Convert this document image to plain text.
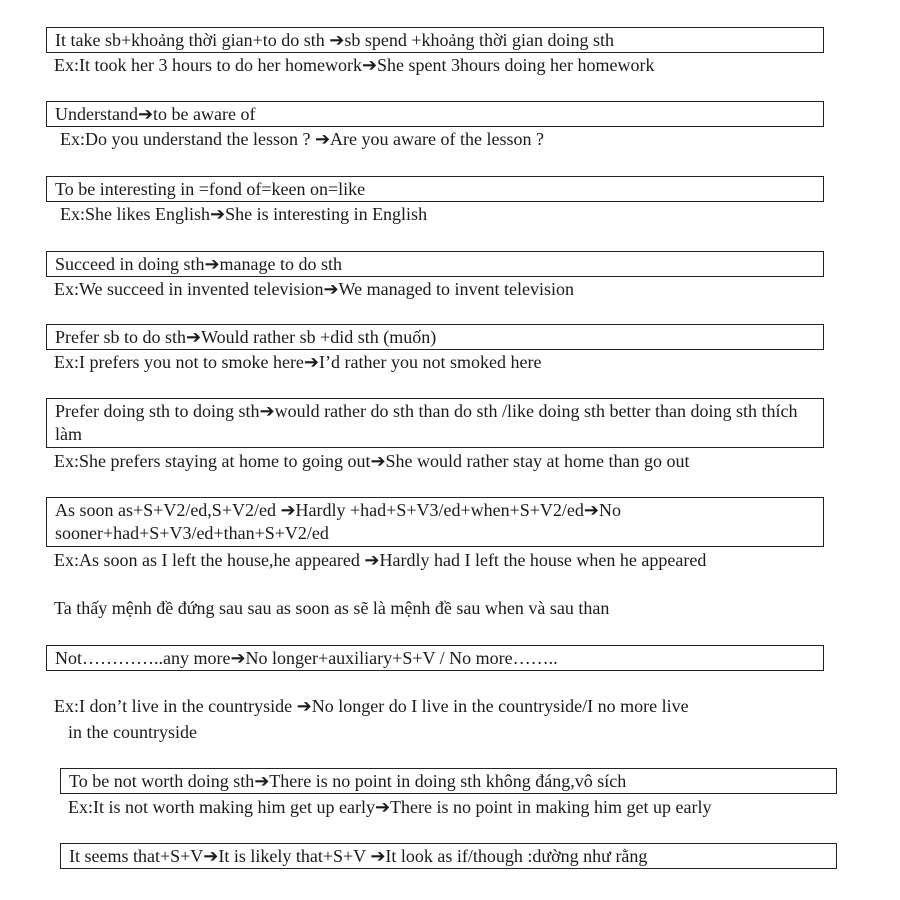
It take sb+khoảng thời gian+to do sth ➔sb spend +khoảng thời gian doing sth
Ex:It took her 3 hours to do her homework➔She spent 3hours doing her homework
Understand➔to be aware of
Ex:Do you understand the lesson ? ➔Are you aware of the lesson ?
To be interesting in =fond of=keen on=like
Ex:She likes English➔She is interesting in English
Succeed in doing sth➔manage to do sth
Ex:We succeed in invented television➔We managed to invent television
Prefer sb to do sth➔Would rather sb +did sth (muốn)
Ex:I prefers you not to smoke here➔I’d rather you not smoked here
Prefer doing sth to doing sth➔would rather do sth than do sth /like doing sth better than doing sth thích làm
Ex:She prefers staying at home to going out➔She would rather stay at home than go out
As soon as+S+V2/ed,S+V2/ed ➔Hardly +had+S+V3/ed+when+S+V2/ed➔No sooner+had+S+V3/ed+than+S+V2/ed
Ex:As soon as I left the house,he appeared ➔Hardly had I left the house when he appeared
Ta thấy mệnh đề đứng sau sau as soon as sẽ là mệnh đề sau when và sau than
Not…………..any more➔No longer+auxiliary+S+V / No more……..
Ex:I don’t live in the countryside ➔No longer do I live in the countryside/I no more live
in the countryside
To be not worth doing sth➔There is no point in doing sth không đáng,vô sích
Ex:It is not worth making him get up early➔There is no point in making him get up early
It seems that+S+V➔It is likely that+S+V ➔It look as if/though :dường như rằng
